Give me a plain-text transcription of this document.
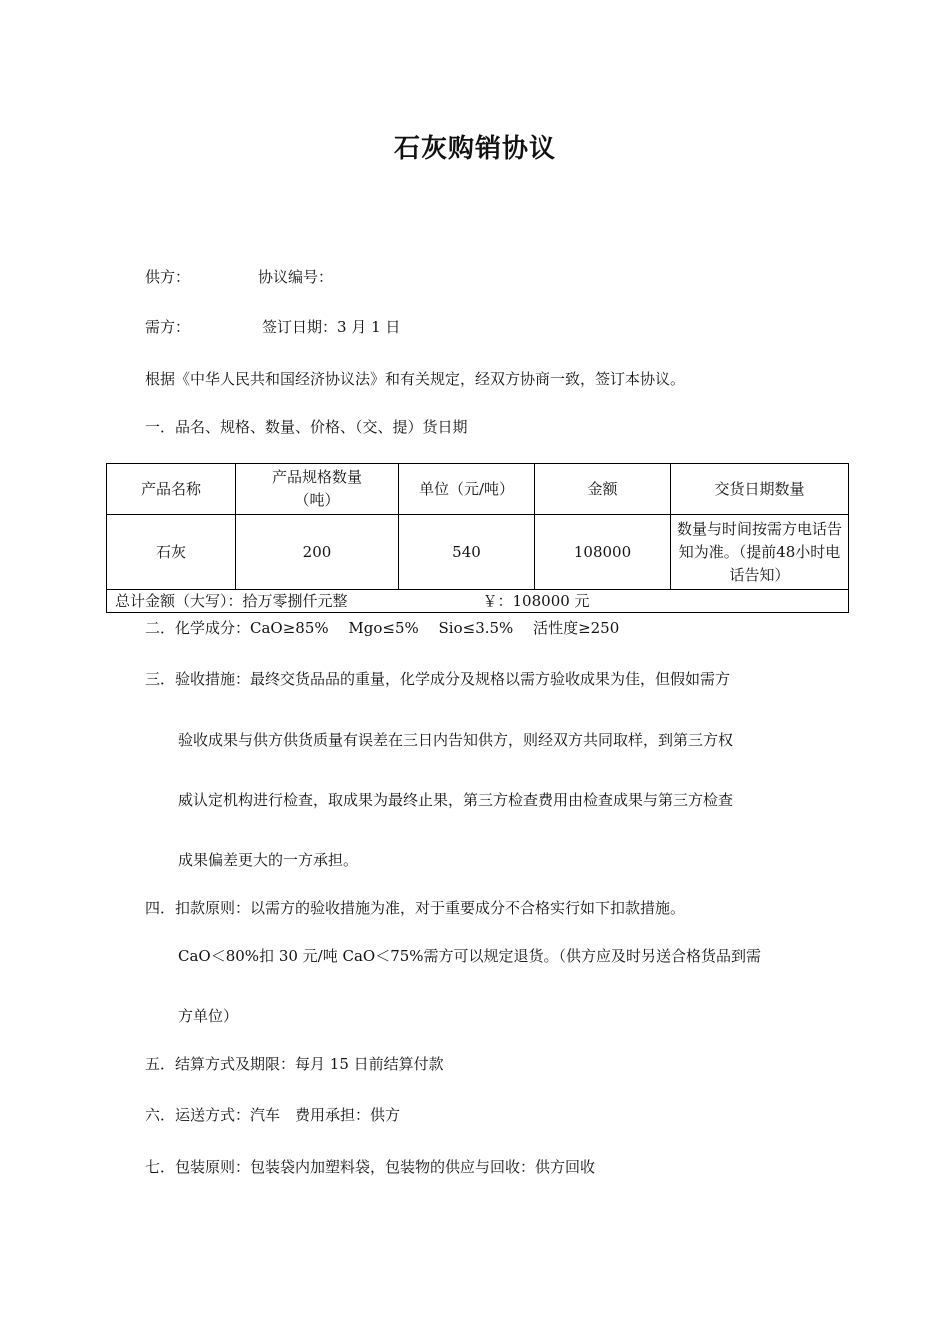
石灰购销协议
供方：	协议编号：
需方：	签订日期：3 月 1 日
根据《中华人民共和国经济协议法》和有关规定，经双方协商一致，签订本协议。
一．品名、规格、数量、价格、（交、提）货日期
产品名称	产品规格数量（吨）	单位（元/吨）	金额	交货日期数量
石灰	200	540	108000	数量与时间按需方电话告知为准。（提前48小时电话告知）
总计金额（大写）：拾万零捌仟元整 ￥：108000 元				
二．化学成分：CaO≥85%　 Mgo≤5%　 Sio≤3.5%　 活性度≥250
三．验收措施：最终交货品品的重量，化学成分及规格以需方验收成果为佳，但假如需方
验收成果与供方供货质量有误差在三日内告知供方，则经双方共同取样，到第三方权
威认定机构进行检查，取成果为最终止果，第三方检查费用由检查成果与第三方检查
成果偏差更大的一方承担。
四．扣款原则：以需方的验收措施为准，对于重要成分不合格实行如下扣款措施。
CaO＜80%扣 30 元/吨 CaO＜75%需方可以规定退货。（供方应及时另送合格货品到需
方单位）
五．结算方式及期限：每月 15 日前结算付款
六．运送方式：汽车　费用承担：供方
七．包装原则：包装袋内加塑料袋，包装物的供应与回收：供方回收
